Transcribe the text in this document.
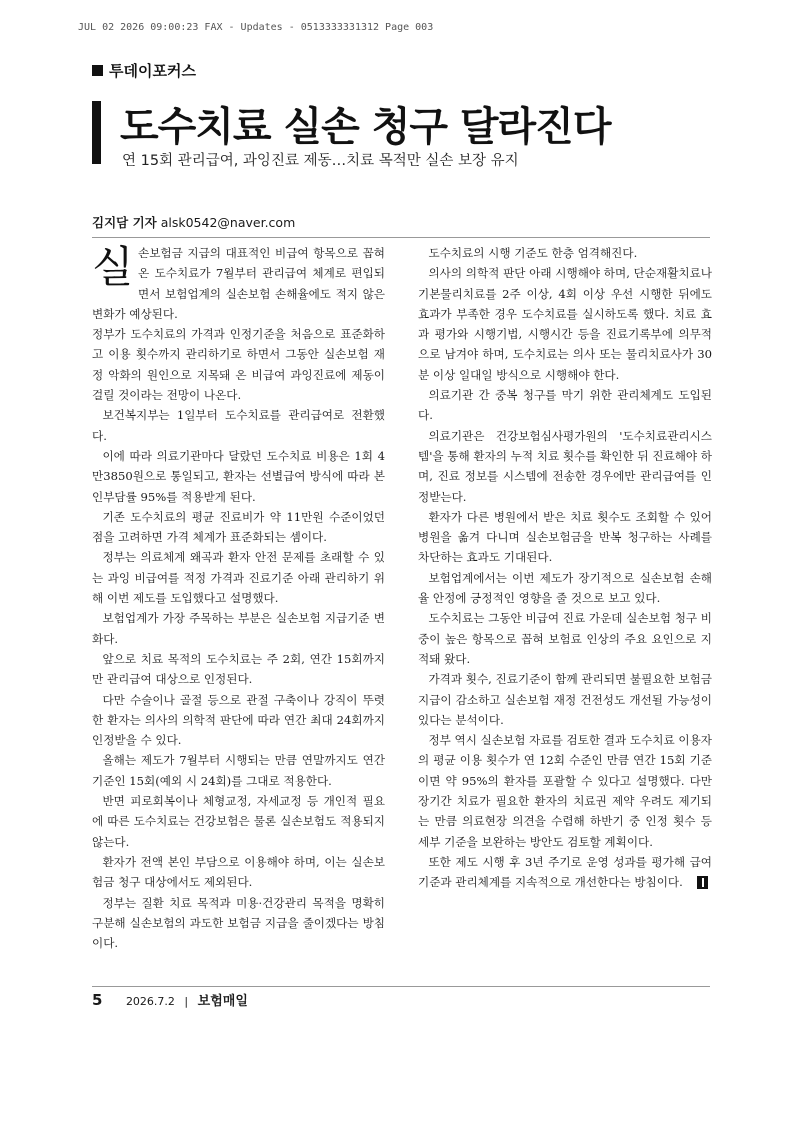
JUL 02 2026 09:00:23 FAX - Updates - 0513333331312 Page 003
투데이포커스
도수치료 실손 청구 달라진다
연 15회 관리급여, 과잉진료 제동…치료 목적만 실손 보장 유지
김지담 기자 alsk0542@naver.com
실 손보험금 지급의 대표적인 비급여 항목으로 꼽혀온 도수치료가 7월부터 관리급여 체계로 편입되면서 보험업계의 실손보험 손해율에도 적지 않은 변화가 예상된다.

정부가 도수치료의 가격과 인정기준을 처음으로 표준화하고 이용 횟수까지 관리하기로 하면서 그동안 실손보험 재정 악화의 원인으로 지목돼 온 비급여 과잉진료에 제동이 걸릴 것이라는 전망이 나온다.

보건복지부는 1일부터 도수치료를 관리급여로 전환했다.

이에 따라 의료기관마다 달랐던 도수치료 비용은 1회 4만3850원으로 통일되고, 환자는 선별급여 방식에 따라 본인부담률 95%를 적용받게 된다.

기존 도수치료의 평균 진료비가 약 11만원 수준이었던 점을 고려하면 가격 체계가 표준화되는 셈이다.

정부는 의료체계 왜곡과 환자 안전 문제를 초래할 수 있는 과잉 비급여를 적정 가격과 진료기준 아래 관리하기 위해 이번 제도를 도입했다고 설명했다.

보험업계가 가장 주목하는 부분은 실손보험 지급기준 변화다.

앞으로 치료 목적의 도수치료는 주 2회, 연간 15회까지만 관리급여 대상으로 인정된다.

다만 수술이나 골절 등으로 관절 구축이나 강직이 뚜렷한 환자는 의사의 의학적 판단에 따라 연간 최대 24회까지 인정받을 수 있다.

올해는 제도가 7월부터 시행되는 만큼 연말까지도 연간 기준인 15회(예외 시 24회)를 그대로 적용한다.

반면 피로회복이나 체형교정, 자세교정 등 개인적 필요에 따른 도수치료는 건강보험은 물론 실손보험도 적용되지 않는다.

환자가 전액 본인 부담으로 이용해야 하며, 이는 실손보험금 청구 대상에서도 제외된다.

정부는 질환 치료 목적과 미용·건강관리 목적을 명확히 구분해 실손보험의 과도한 보험금 지급을 줄이겠다는 방침이다.

도수치료의 시행 기준도 한층 엄격해진다.

의사의 의학적 판단 아래 시행해야 하며, 단순재활치료나 기본물리치료를 2주 이상, 4회 이상 우선 시행한 뒤에도 효과가 부족한 경우 도수치료를 실시하도록 했다. 치료 효과 평가와 시행기법, 시행시간 등을 진료기록부에 의무적으로 남겨야 하며, 도수치료는 의사 또는 물리치료사가 30분 이상 일대일 방식으로 시행해야 한다.

의료기관 간 중복 청구를 막기 위한 관리체계도 도입된다.

의료기관은 건강보험심사평가원의 '도수치료관리시스템'을 통해 환자의 누적 치료 횟수를 확인한 뒤 진료해야 하며, 진료 정보를 시스템에 전송한 경우에만 관리급여를 인정받는다.

환자가 다른 병원에서 받은 치료 횟수도 조회할 수 있어 병원을 옮겨 다니며 실손보험금을 반복 청구하는 사례를 차단하는 효과도 기대된다.

보험업계에서는 이번 제도가 장기적으로 실손보험 손해율 안정에 긍정적인 영향을 줄 것으로 보고 있다.

도수치료는 그동안 비급여 진료 가운데 실손보험 청구 비중이 높은 항목으로 꼽혀 보험료 인상의 주요 요인으로 지적돼 왔다.

가격과 횟수, 진료기준이 함께 관리되면 불필요한 보험금 지급이 감소하고 실손보험 재정 건전성도 개선될 가능성이 있다는 분석이다.

정부 역시 실손보험 자료를 검토한 결과 도수치료 이용자의 평균 이용 횟수가 연 12회 수준인 만큼 연간 15회 기준이면 약 95%의 환자를 포괄할 수 있다고 설명했다. 다만 장기간 치료가 필요한 환자의 치료권 제약 우려도 제기되는 만큼 의료현장 의견을 수렴해 하반기 중 인정 횟수 등 세부 기준을 보완하는 방안도 검토할 계획이다.

또한 제도 시행 후 3년 주기로 운영 성과를 평가해 급여기준과 관리체계를 지속적으로 개선한다는 방침이다.

5 2026.7.2 | 보험매일
